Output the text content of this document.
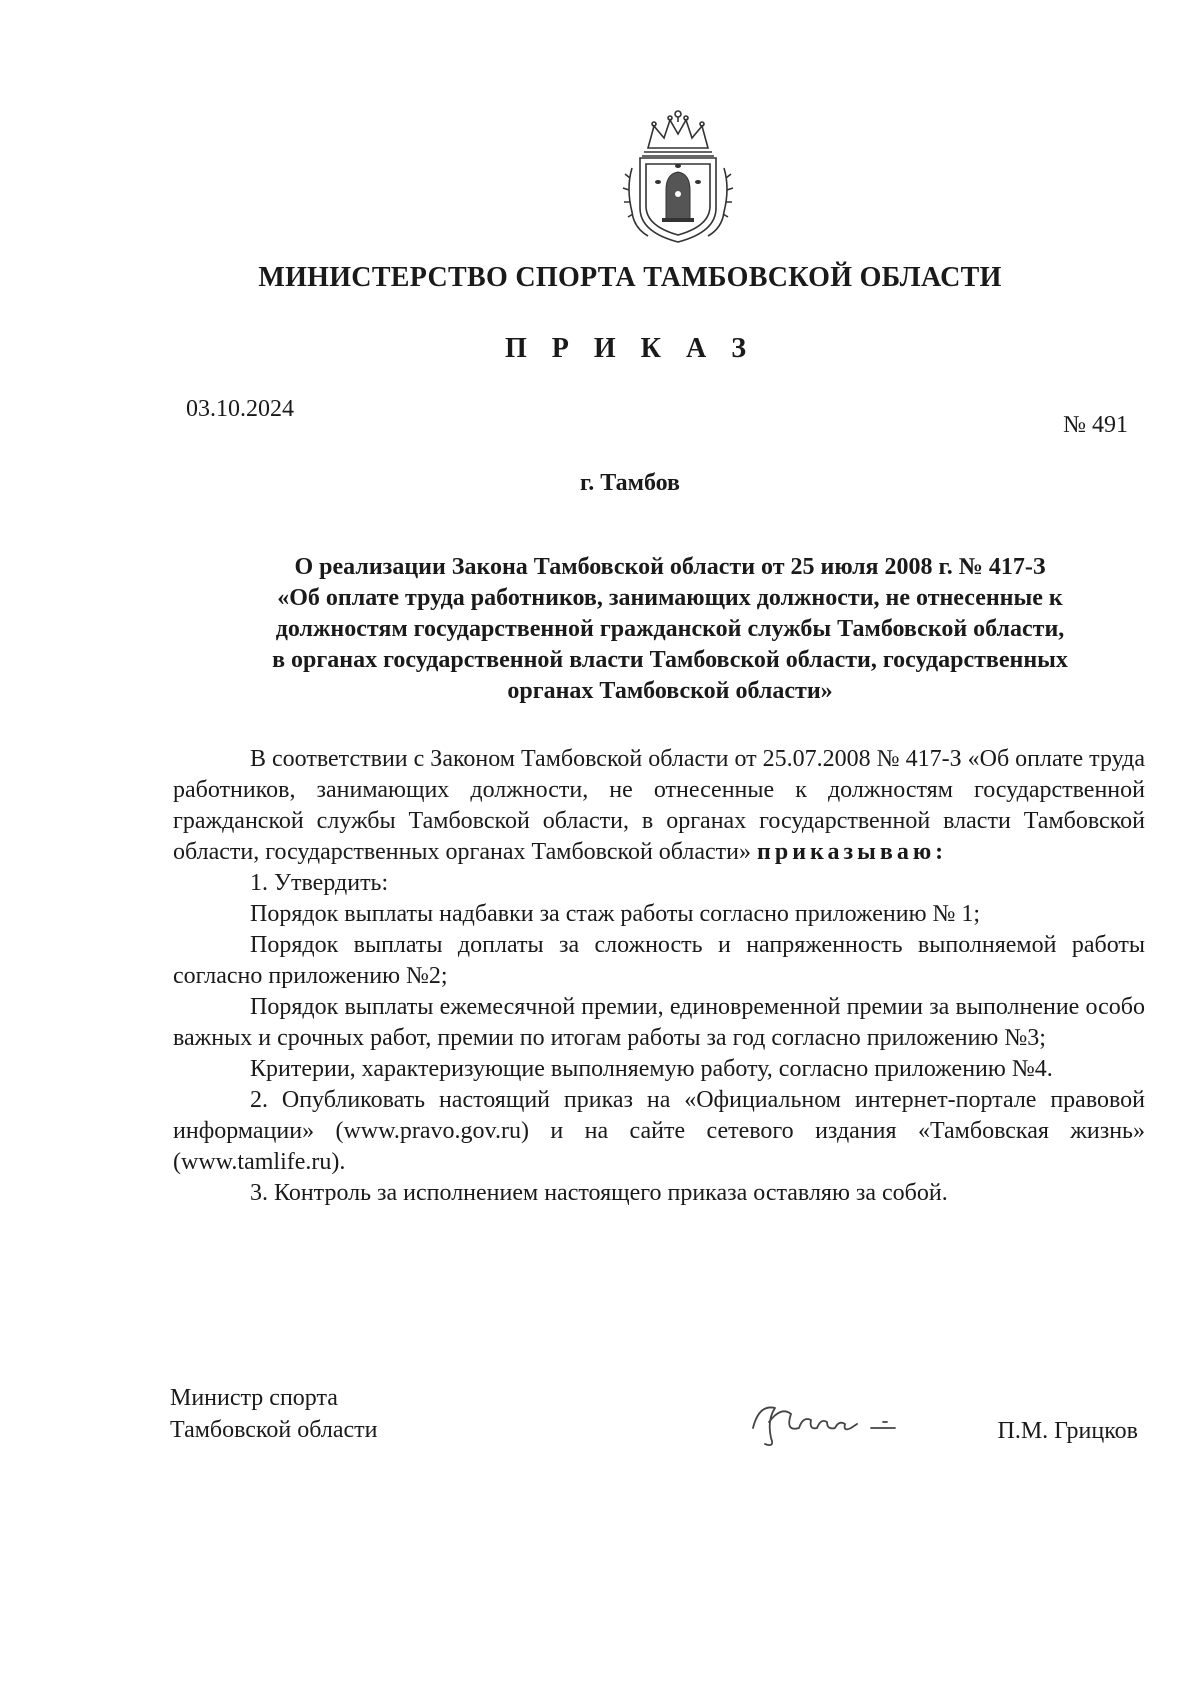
МИНИСТЕРСТВО СПОРТА ТАМБОВСКОЙ ОБЛАСТИ
П Р И К А З
03.10.2024
№ 491
г. Тамбов
О реализации Закона Тамбовской области от 25 июля 2008 г. № 417-З
«Об оплате труда работников, занимающих должности, не отнесенные к
должностям государственной гражданской службы Тамбовской области,
в органах государственной власти Тамбовской области, государственных
органах Тамбовской области»

В соответствии с Законом Тамбовской области от 25.07.2008 № 417-З «Об оплате труда работников, занимающих должности, не отнесенные к должностям государственной гражданской службы Тамбовской области, в органах государственной власти Тамбовской области, государственных органах Тамбовской области» приказываю:

1. Утвердить:

Порядок выплаты надбавки за стаж работы согласно приложению № 1;

Порядок выплаты доплаты за сложность и напряженность выполняемой работы согласно приложению №2;

Порядок выплаты ежемесячной премии, единовременной премии за выполнение особо важных и срочных работ, премии по итогам работы за год согласно приложению №3;

Критерии, характеризующие выполняемую работу, согласно приложению №4.

2. Опубликовать настоящий приказ на «Официальном интернет-портале правовой информации» (www.pravo.gov.ru) и на сайте сетевого издания «Тамбовская жизнь» (www.tamlife.ru).

3. Контроль за исполнением настоящего приказа оставляю за собой.

Министр спорта
Тамбовской области	П.М. Грицков
